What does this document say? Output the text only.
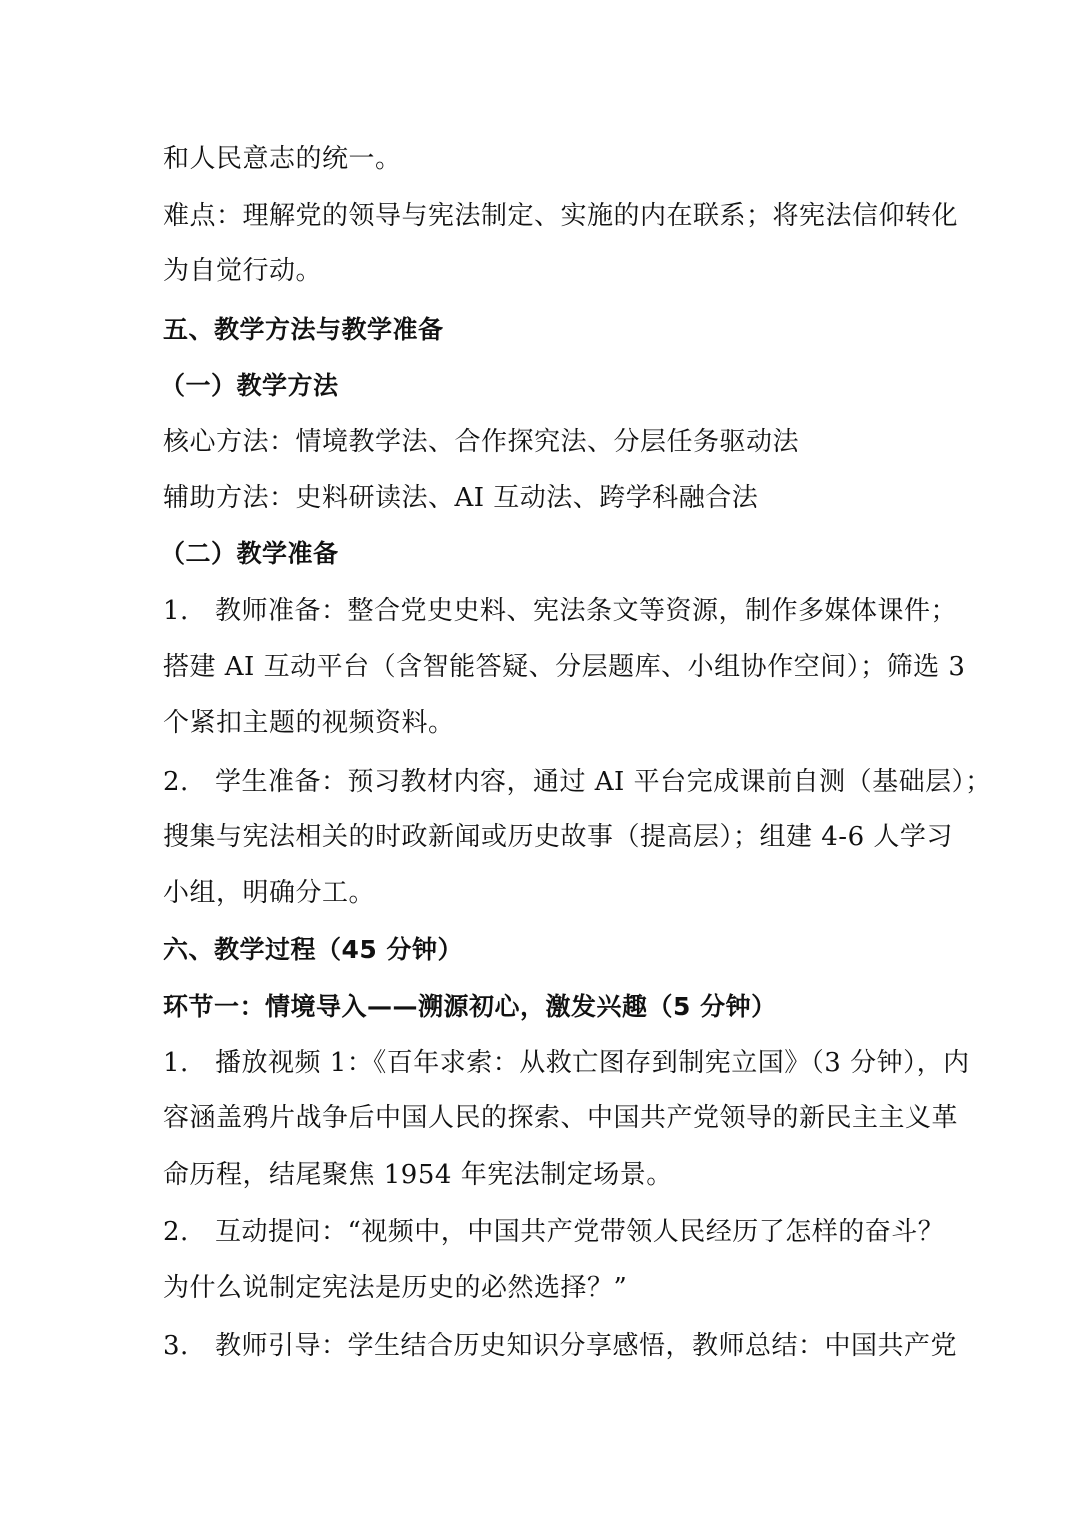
和人民意志的统一。
难点：理解党的领导与宪法制定、实施的内在联系；将宪法信仰转化
为自觉行动。
五、教学方法与教学准备
（一）教学方法
核心方法：情境教学法、合作探究法、分层任务驱动法
辅助方法：史料研读法、AI 互动法、跨学科融合法
（二）教学准备
1. 教师准备：整合党史史料、宪法条文等资源，制作多媒体课件；
搭建 AI 互动平台（含智能答疑、分层题库、小组协作空间）；筛选 3
个紧扣主题的视频资料。
2. 学生准备：预习教材内容，通过 AI 平台完成课前自测（基础层）；
搜集与宪法相关的时政新闻或历史故事（提高层）；组建 4-6 人学习
小组，明确分工。
六、教学过程（45 分钟）
环节一：情境导入——溯源初心，激发兴趣（5 分钟）
1. 播放视频 1：《百年求索：从救亡图存到制宪立国》（3 分钟），内
容涵盖鸦片战争后中国人民的探索、中国共产党领导的新民主主义革
命历程，结尾聚焦 1954 年宪法制定场景。
2. 互动提问：“视频中，中国共产党带领人民经历了怎样的奋斗？
为什么说制定宪法是历史的必然选择？”
3. 教师引导：学生结合历史知识分享感悟，教师总结：中国共产党
